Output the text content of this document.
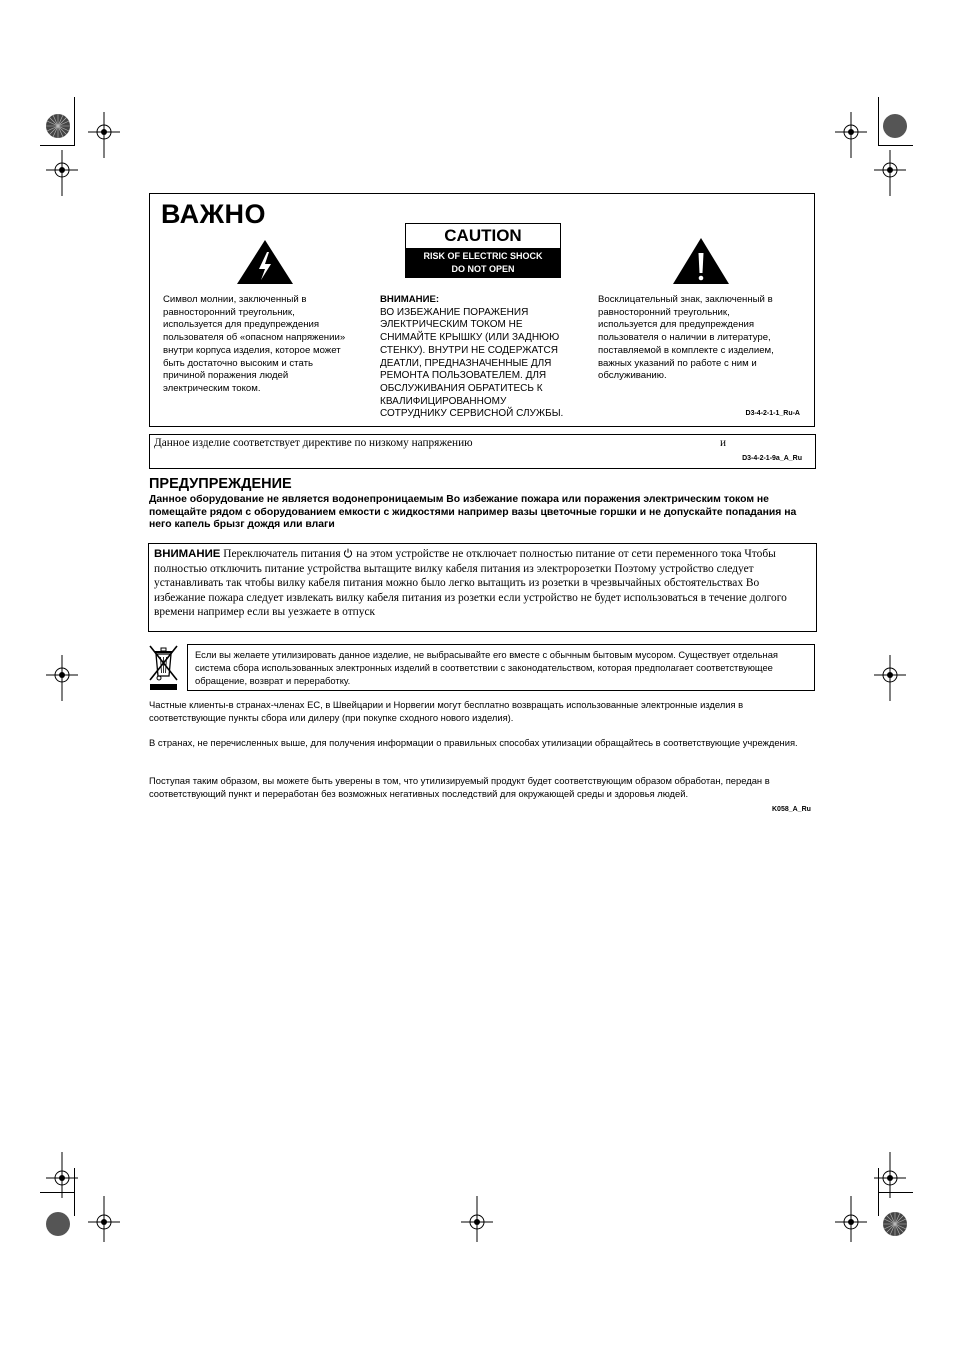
ВАЖНО
Символ молнии, заключенный в
равносторонний треугольник,
используется для предупреждения
пользователя об «опасном напряжении»
внутри корпуса изделия, которое может
быть достаточно высоким и стать
причиной поражения людей
электрическим током.
CAUTION
RISK OF ELECTRIC SHOCK
DO NOT OPEN
ВНИМАНИЕ:
ВО ИЗБЕЖАНИЕ ПОРАЖЕНИЯ
ЭЛЕКТРИЧЕСКИМ ТОКОМ НЕ
СНИМАЙТЕ КРЫШКУ (ИЛИ ЗАДНЮЮ
СТЕНКУ). ВНУТРИ НЕ СОДЕРЖАТСЯ
ДЕАТЛИ, ПРЕДНАЗНАЧЕННЫЕ ДЛЯ
РЕМОНТА ПОЛЬЗОВАТЕЛЕМ. ДЛЯ
ОБСЛУЖИВАНИЯ ОБРАТИТЕСЬ К
КВАЛИФИЦИРОВАННОМУ
СОТРУДНИКУ СЕРВИСНОЙ СЛУЖБЫ.
Восклицательный знак, заключенный в
равносторонний треугольник,
используется для предупреждения
пользователя о наличии в литературе,
поставляемой в комплекте с изделием,
важных указаний по работе с ним и
обслуживанию.
D3-4-2-1-1_Ru-A
Данное изделие соответствует директиве по низкому напряжению	и
D3-4-2-1-9a_A_Ru
ПРЕДУПРЕЖДЕНИЕ
Данное оборудование не является водонепроницаемым Во избежание пожара или поражения электрическим током не помещайте рядом с оборудованием емкости с жидкостями например вазы цветочные горшки и не допускайте попадания на него капель брызг дождя или влаги
ВНИМАНИЕ Переключатель питания  на этом устройстве не отключает полностью питание от сети переменного тока Чтобы полностью отключить питание устройства вытащите вилку кабеля питания из электророзетки Поэтому устройство следует устанавливать так чтобы вилку кабеля питания можно было легко вытащить из розетки в чрезвычайных обстоятельствах Во избежание пожара следует извлекать вилку кабеля питания из розетки если устройство не будет использоваться в течение долгого времени например если вы уезжаете в отпуск
Если вы желаете утилизировать данное изделие, не выбрасывайте его вместе с обычным бытовым мусором. Существует отдельная система сбора использованных электронных изделий в соответствии с законодательством, которая предполагает соответствующее обращение, возврат и переработку.
Частные клиенты-в странах-членах ЕС, в Швейцарии и Норвегии могут бесплатно возвращать использованные электронные изделия в соответствующие пункты сбора или дилеру (при покупке сходного нового изделия).
В странах, не перечисленных выше, для получения информации о правильных способах утилизации обращайтесь в соответствующие учреждения.
Поступая таким образом, вы можете быть уверены в том, что утилизируемый продукт будет соответствующим образом обработан, передан в соответствующий пункт и переработан без возможных негативных последствий для окружающей среды и здоровья людей.
K058_A_Ru
